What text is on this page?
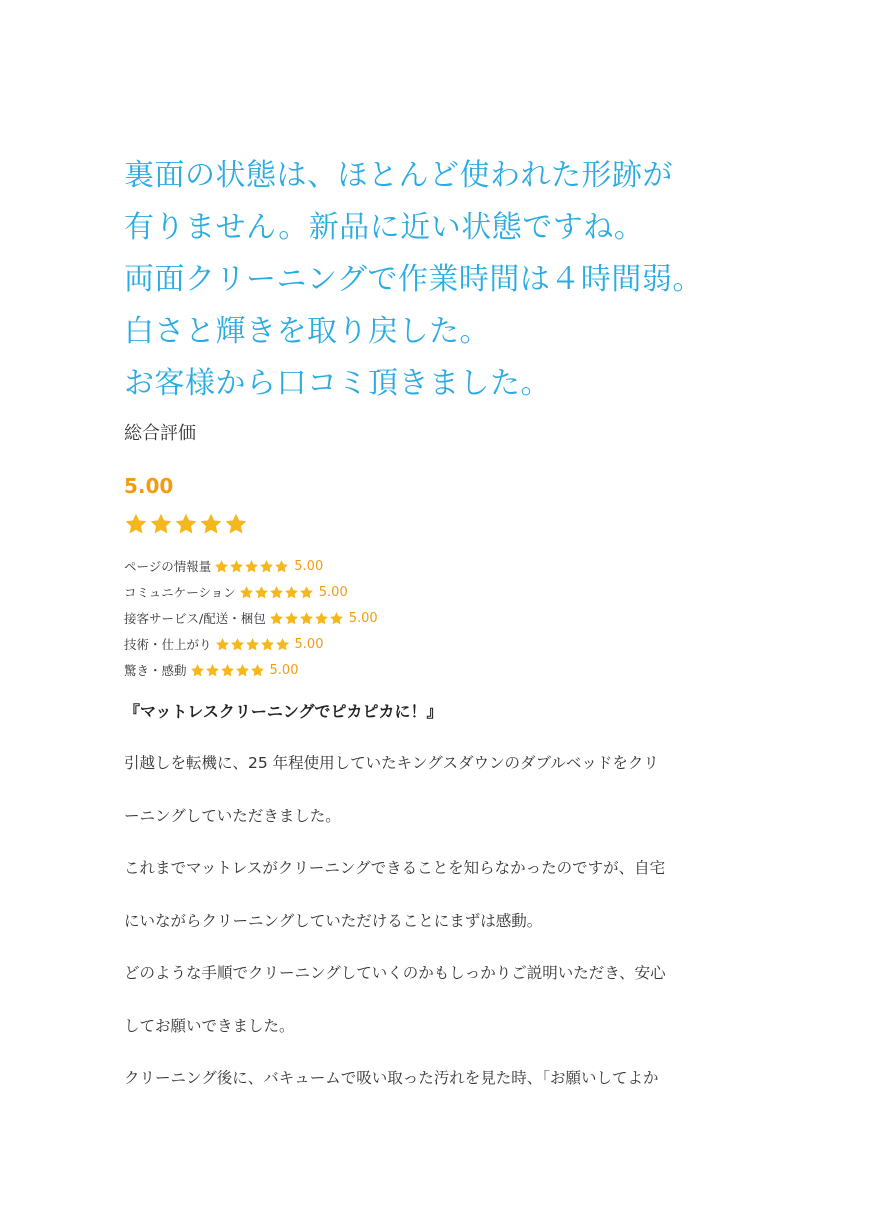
裏面の状態は、ほとんど使われた形跡が
有りません。新品に近い状態ですね。
両面クリーニングで作業時間は４時間弱。
白さと輝きを取り戻した。
お客様から口コミ頂きました。
総合評価
5.00
ページの情報量	5.00
コミュニケーション	5.00
接客サービス/配送・梱包	5.00
技術・仕上がり	5.00
驚き・感動	5.00
『マットレスクリーニングでピカピカに！』
引越しを転機に、25 年程使用していたキングスダウンのダブルベッドをクリ
ーニングしていただきました。
これまでマットレスがクリーニングできることを知らなかったのですが、自宅
にいながらクリーニングしていただけることにまずは感動。
どのような手順でクリーニングしていくのかもしっかりご説明いただき、安心
してお願いできました。
クリーニング後に、バキュームで吸い取った汚れを見た時、「お願いしてよか
